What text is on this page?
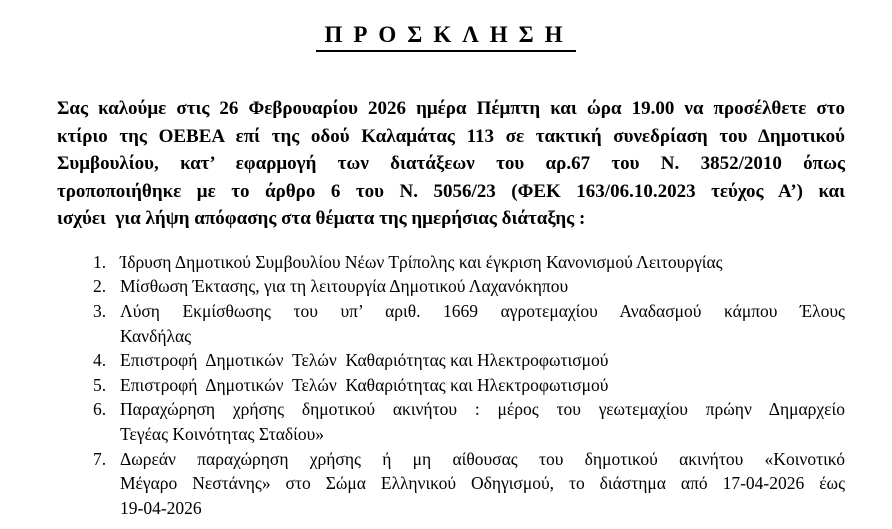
ΠΡΟΣΚΛΗΣΗ
Σας καλούμε στις 26 Φεβρουαρίου 2026 ημέρα Πέμπτη και ώρα 19.00 να προσέλθετε στο
κτίριο της ΟΕΒΕΑ επί της οδού Καλαμάτας 113 σε τακτική συνεδρίαση του Δημοτικού
Συμβουλίου, κατ’ εφαρμογή των διατάξεων του αρ.67 του Ν. 3852/2010 όπως
τροποποιήθηκε με το άρθρο 6 του Ν. 5056/23 (ΦΕΚ 163/06.10.2023 τεύχος Α’) και
ισχύει  για λήψη απόφασης στα θέματα της ημερήσιας διάταξης :
1. Ίδρυση Δημοτικού Συμβουλίου Νέων Τρίπολης και έγκριση Κανονισμού Λειτουργίας
2. Μίσθωση Έκτασης, για τη λειτουργία Δημοτικού Λαχανόκηπου
3. Λύση Εκμίσθωσης του υπ’ αριθ. 1669 αγροτεμαχίου Αναδασμού κάμπου Έλους
Κανδήλας
4. Επιστροφή  Δημοτικών  Τελών  Καθαριότητας και Ηλεκτροφωτισμού
5. Επιστροφή  Δημοτικών  Τελών  Καθαριότητας και Ηλεκτροφωτισμού
6. Παραχώρηση χρήσης δημοτικού ακινήτου : μέρος του γεωτεμαχίου πρώην Δημαρχείο
Τεγέας Κοινότητας Σταδίου»
7. Δωρεάν παραχώρηση χρήσης ή μη αίθουσας του δημοτικού ακινήτου «Κοινοτικό
Μέγαρο Νεστάνης» στο Σώμα Ελληνικού Οδηγισμού, το διάστημα από 17-04-2026 έως
19-04-2026
